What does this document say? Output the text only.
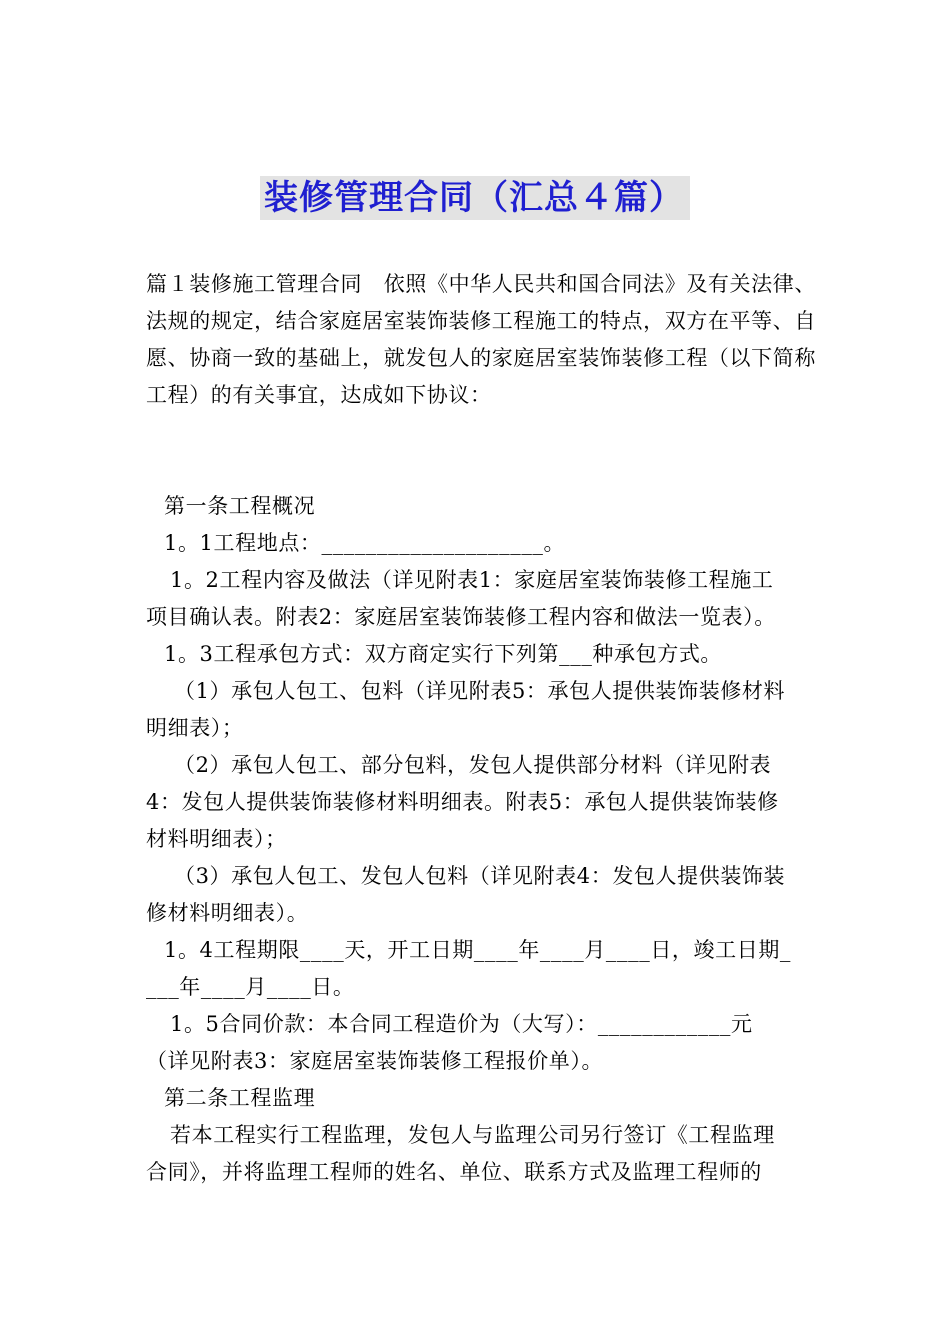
装修管理合同（汇总４篇）

篇１装修施工管理合同　依照《中华人民共和国合同法》及有关法律、法规的规定，结合家庭居室装饰装修工程施工的特点，双方在平等、自愿、协商一致的基础上，就发包人的家庭居室装饰装修工程（以下简称工程）的有关事宜，达成如下协议：

第一条工程概况

1。1工程地点：____________________。

1。2工程内容及做法（详见附表1：家庭居室装饰装修工程施工

项目确认表。附表2：家庭居室装饰装修工程内容和做法一览表）。

1。3工程承包方式：双方商定实行下列第___种承包方式。

（1）承包人包工、包料（详见附表5：承包人提供装饰装修材料

明细表）；

（2）承包人包工、部分包料，发包人提供部分材料（详见附表

4：发包人提供装饰装修材料明细表。附表5：承包人提供装饰装修

材料明细表）；

（3）承包人包工、发包人包料（详见附表4：发包人提供装饰装

修材料明细表）。

1。4工程期限____天，开工日期____年____月____日，竣工日期_

___年____月____日。

1。5合同价款：本合同工程造价为（大写）：____________元

（详见附表3：家庭居室装饰装修工程报价单）。

第二条工程监理

若本工程实行工程监理，发包人与监理公司另行签订《工程监理

合同》，并将监理工程师的姓名、单位、联系方式及监理工程师的
